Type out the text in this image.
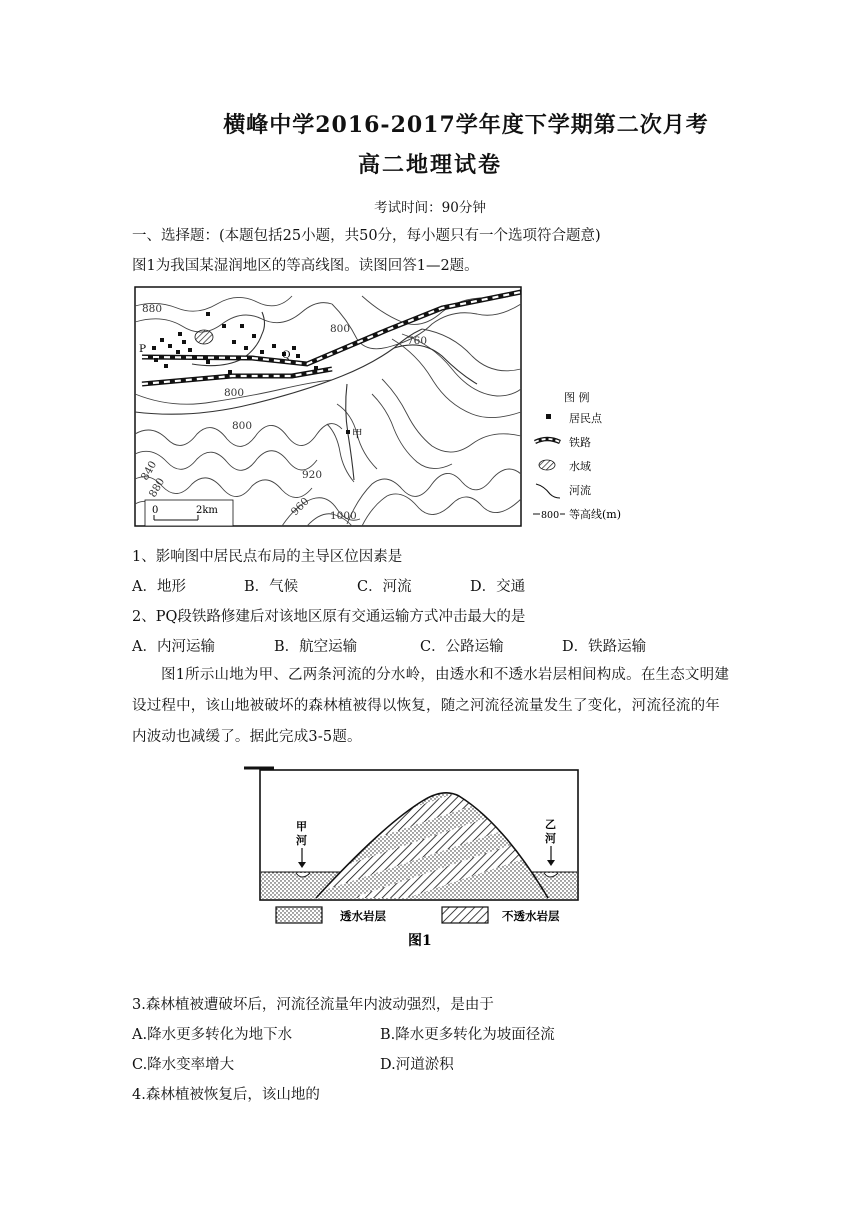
横峰中学2016-2017学年度下学期第二次月考
高二地理试卷
考试时间：90分钟
一、选择题：(本题包括25小题，共50分，每小题只有一个选项符合题意)
图1为我国某湿润地区的等高线图。读图回答1—2题。
880
800
760
800
800
840
880
920
960 1000
P	Q
甲
0	2km
图 例
居民点
铁路
水域
河流
800 等高线(m)
1、影响图中居民点布局的主导区位因素是
A．地形	B．气候	C．河流	D．交通
2、PQ段铁路修建后对该地区原有交通运输方式冲击最大的是
A．内河运输	B．航空运输	C．公路运输	D．铁路运输
图1所示山地为甲、乙两条河流的分水岭，由透水和不透水岩层相间构成。在生态文明建设过程中，该山地被破坏的森林植被得以恢复，随之河流径流量发生了变化，河流径流的年内波动也减缓了。据此完成3-5题。
甲
河
乙
河
透水岩层	不透水岩层
图1
3.森林植被遭破坏后，河流径流量年内波动强烈，是由于
A.降水更多转化为地下水	B.降水更多转化为坡面径流
C.降水变率增大	D.河道淤积
4.森林植被恢复后，该山地的
